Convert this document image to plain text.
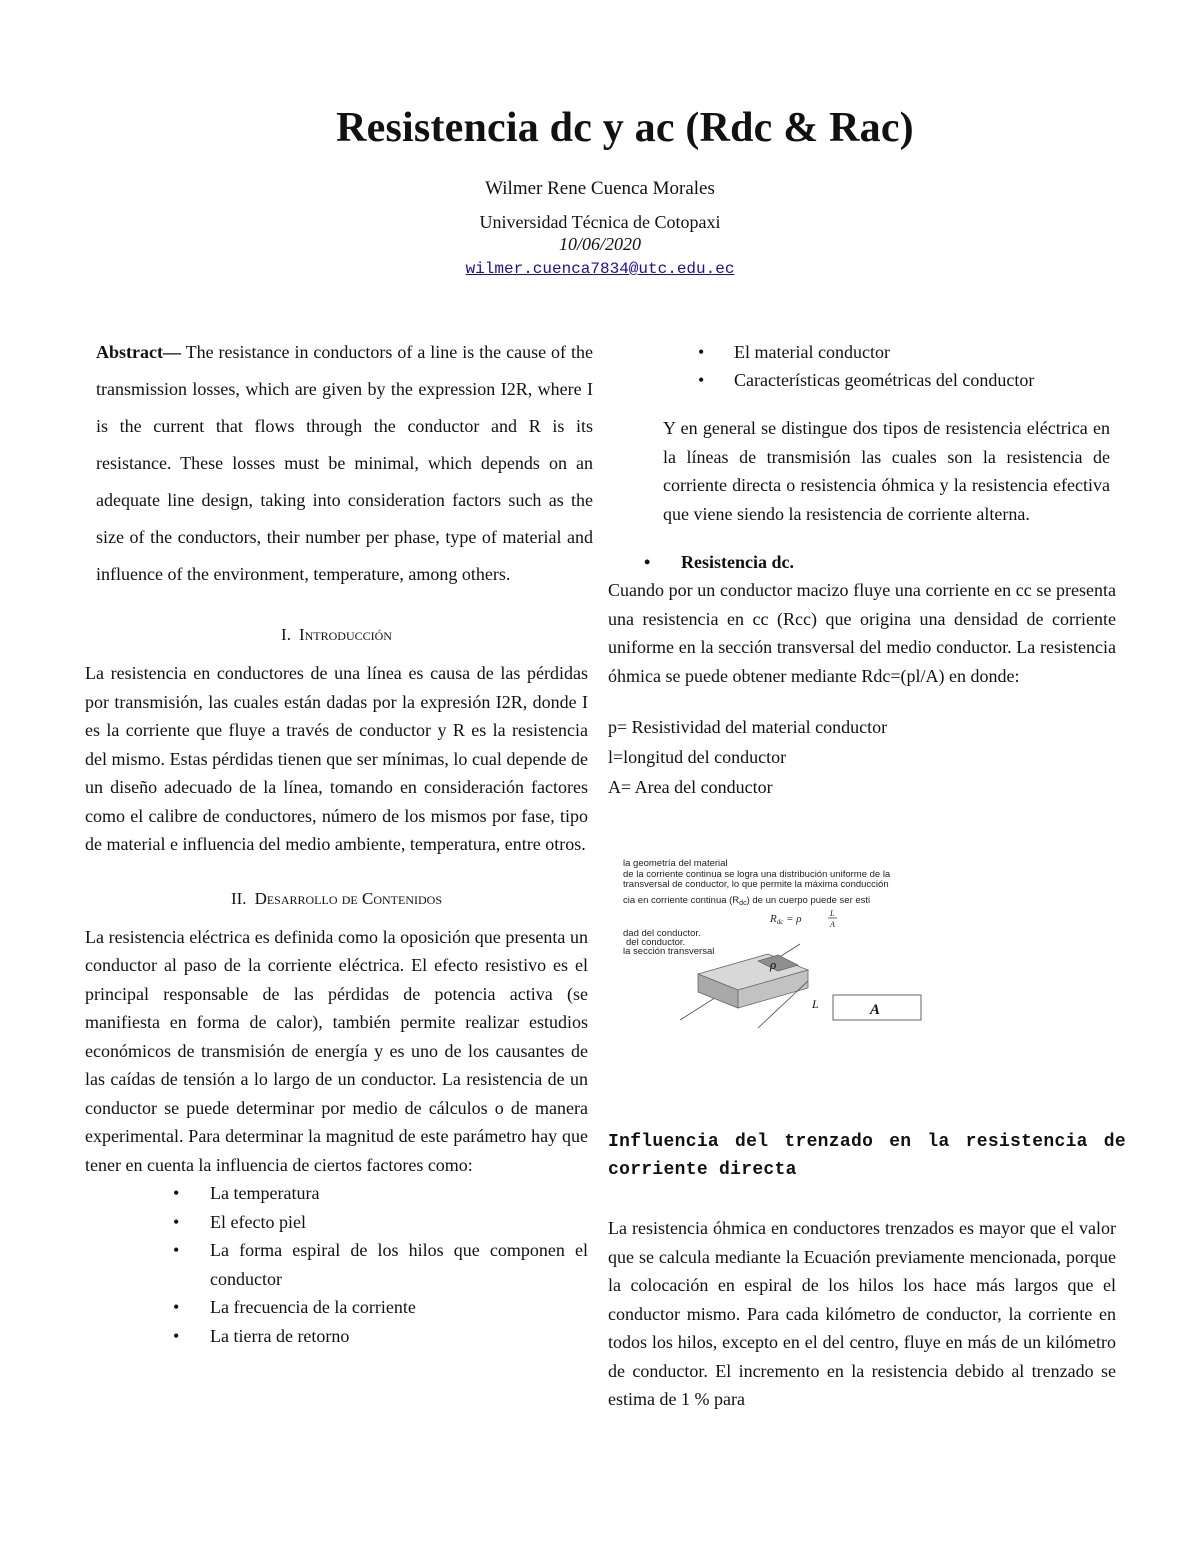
Resistencia dc y ac (Rdc & Rac)
Wilmer Rene Cuenca Morales
Universidad Técnica de Cotopaxi
10/06/2020
wilmer.cuenca7834@utc.edu.ec

Abstract— The resistance in conductors of a line is the cause of the transmission losses, which are given by the expression I2R, where I is the current that flows through the conductor and R is its resistance. These losses must be minimal, which depends on an adequate line design, taking into consideration factors such as the size of the conductors, their number per phase, type of material and influence of the environment, temperature, among others.

I. Introducción

La resistencia en conductores de una línea es causa de las pérdidas por transmisión, las cuales están dadas por la expresión I2R, donde I es la corriente que fluye a través de conductor y R es la resistencia del mismo. Estas pérdidas tienen que ser mínimas, lo cual depende de un diseño adecuado de la línea, tomando en consideración factores como el calibre de conductores, número de los mismos por fase, tipo de material e influencia del medio ambiente, temperatura, entre otros.

II. Desarrollo de Contenidos

La resistencia eléctrica es definida como la oposición que presenta un conductor al paso de la corriente eléctrica. El efecto resistivo es el principal responsable de las pérdidas de potencia activa (se manifiesta en forma de calor), también permite realizar estudios económicos de transmisión de energía y es uno de los causantes de las caídas de tensión a lo largo de un conductor. La resistencia de un conductor se puede determinar por medio de cálculos o de manera experimental. Para determinar la magnitud de este parámetro hay que tener en cuenta la influencia de ciertos factores como:

• La temperatura
• El efecto piel
• La forma espiral de los hilos que componen el conductor
• La frecuencia de la corriente
• La tierra de retorno
• El material conductor
• Características geométricas del conductor

Y en general se distingue dos tipos de resistencia eléctrica en la líneas de transmisión las cuales son la resistencia de corriente directa o resistencia óhmica y la resistencia efectiva que viene siendo la resistencia de corriente alterna.

• Resistencia dc.

Cuando por un conductor macizo fluye una corriente en cc se presenta una resistencia en cc (Rcc) que origina una densidad de corriente uniforme en la sección transversal del medio conductor. La resistencia óhmica se puede obtener mediante Rdc=(pl/A) en donde:

p= Resistividad del material conductor
l=longitud del conductor
A= Area del conductor
la geometría del material
de la corriente continua se logra una distribución uniforme de la
transversal de conductor, lo que permite la máxima conducción
cia en corriente continua $(R_{dc})$ de un cuerpo puede ser esti
dad del conductor.
del conductor.
la sección transversal
Rdc = ρ	L
A
ρ
L	A
Influencia del trenzado en la resistencia de corriente directa

La resistencia óhmica en conductores trenzados es mayor que el valor que se calcula mediante la Ecuación previamente mencionada, porque la colocación en espiral de los hilos los hace más largos que el conductor mismo. Para cada kilómetro de conductor, la corriente en todos los hilos, excepto en el del centro, fluye en más de un kilómetro de conductor. El incremento en la resistencia debido al trenzado se estima de 1 % para
